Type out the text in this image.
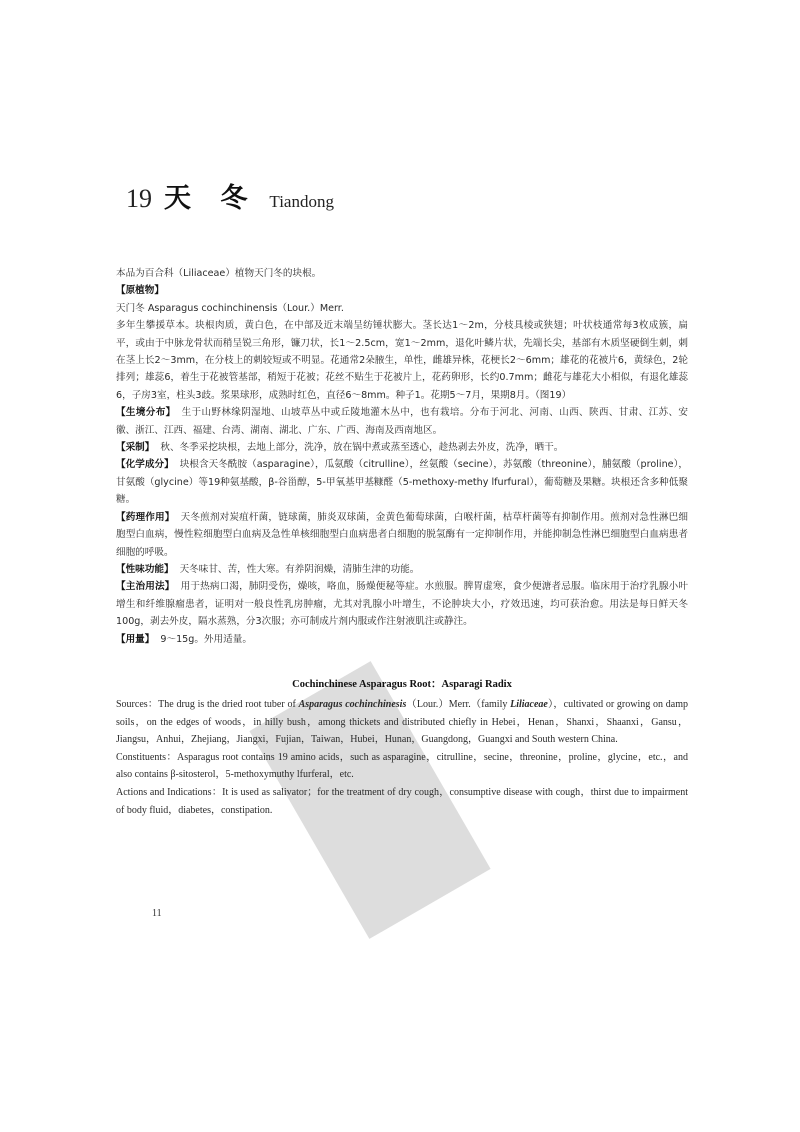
19 天 冬 Tiandong

本品为百合科（Liliaceae）植物天门冬的块根。

【原植物】

天门冬 Asparagus cochinchinensis（Lour.）Merr.

多年生攀援草本。块根肉质，黄白色，在中部及近末端呈纺锤状膨大。茎长达1～2m，分枝具棱或狭翅；叶状枝通常每3枚成簇，扁平，或由于中脉龙骨状而稍呈锐三角形，镰刀状，长1～2.5cm，宽1～2mm，退化叶鳞片状，先端长尖，基部有木质坚硬倒生刺，刺在茎上长2～3mm，在分枝上的刺较短或不明显。花通常2朵腋生，单性，雌雄异株，花梗长2～6mm；雄花的花被片6，黄绿色，2轮排列；雄蕊6，着生于花被管基部，稍短于花被；花丝不贴生于花被片上，花药卵形，长约0.7mm；雌花与雄花大小相似，有退化雄蕊6，子房3室，柱头3歧。浆果球形，成熟时红色，直径6～8mm。种子1。花期5～7月，果期8月。（图19）

【生境分布】 生于山野林缘阴湿地、山坡草丛中或丘陵地灌木丛中，也有栽培。分布于河北、河南、山西、陕西、甘肃、江苏、安徽、浙江、江西、福建、台湾、湖南、湖北、广东、广西、海南及西南地区。

【采制】 秋、冬季采挖块根，去地上部分，洗净，放在锅中煮或蒸至透心，趁热剥去外皮，洗净，晒干。

【化学成分】 块根含天冬酰胺（asparagine），瓜氨酸（citrulline），丝氨酸（secine），苏氨酸（threonine），脯氨酸（proline），甘氨酸（glycine）等19种氨基酸，β-谷甾醇，5-甲氧基甲基糠醛（5-methoxy-methy lfurfural），葡萄糖及果糖。块根还含多种低聚糖。

【药理作用】 天冬煎剂对炭疽杆菌，链球菌，肺炎双球菌，金黄色葡萄球菌，白喉杆菌，枯草杆菌等有抑制作用。煎剂对急性淋巴细胞型白血病，慢性粒细胞型白血病及急性单核细胞型白血病患者白细胞的脱氢酶有一定抑制作用，并能抑制急性淋巴细胞型白血病患者细胞的呼吸。

【性味功能】 天冬味甘、苦，性大寒。有养阴润燥，清肺生津的功能。

【主治用法】 用于热病口渴，肺阴受伤，燥咳，咯血，肠燥便秘等症。水煎服。脾胃虚寒，食少便溏者忌服。临床用于治疗乳腺小叶增生和纤维腺瘤患者，证明对一般良性乳房肿瘤，尤其对乳腺小叶增生，不论肿块大小，疗效迅速，均可获治愈。用法是每日鲜天冬100g，剥去外皮，隔水蒸熟，分3次服；亦可制成片剂内服或作注射液肌注或静注。

【用量】 9～15g。外用适量。

Cochinchinese Asparagus Root：Asparagi Radix

Sources：The drug is the dried root tuber of Asparagus cochinchinesis（Lour.）Merr.（family Liliaceae），cultivated or growing on damp soils，on the edges of woods，in hilly bush，among thickets and distributed chiefly in Hebei，Henan，Shanxi，Shaanxi，Gansu，Jiangsu，Anhui，Zhejiang，Jiangxi，Fujian，Taiwan，Hubei，Hunan，Guangdong，Guangxi and South western China.

Constituents：Asparagus root contains 19 amino acids，such as asparagine，citrulline，secine，threonine，proline，glycine，etc.，and also contains β-sitosterol，5-methoxymuthy lfurferal，etc.

Actions and Indications：It is used as salivator；for the treatment of dry cough，consumptive disease with cough，thirst due to impairment of body fluid，diabetes，constipation.

11
